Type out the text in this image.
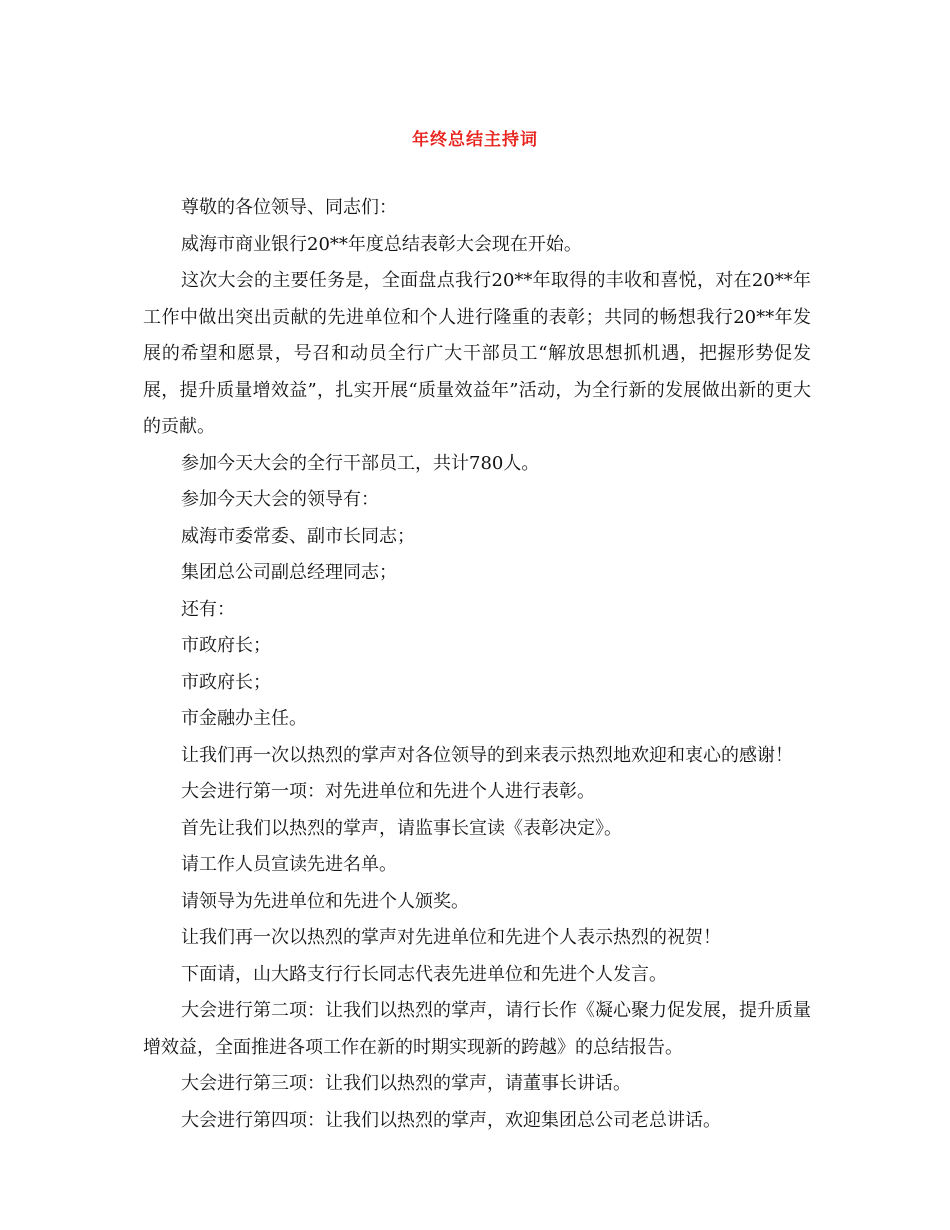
年终总结主持词

尊敬的各位领导、同志们：

威海市商业银行20**年度总结表彰大会现在开始。

这次大会的主要任务是，全面盘点我行20**年取得的丰收和喜悦，对在20**年工作中做出突出贡献的先进单位和个人进行隆重的表彰；共同的畅想我行20**年发展的希望和愿景，号召和动员全行广大干部员工“解放思想抓机遇，把握形势促发展，提升质量增效益”，扎实开展“质量效益年”活动，为全行新的发展做出新的更大的贡献。

参加今天大会的全行干部员工，共计780人。

参加今天大会的领导有：

威海市委常委、副市长同志；

集团总公司副总经理同志；

还有：

市政府长；

市政府长；

市金融办主任。

让我们再一次以热烈的掌声对各位领导的到来表示热烈地欢迎和衷心的感谢！

大会进行第一项：对先进单位和先进个人进行表彰。

首先让我们以热烈的掌声，请监事长宣读《表彰决定》。

请工作人员宣读先进名单。

请领导为先进单位和先进个人颁奖。

让我们再一次以热烈的掌声对先进单位和先进个人表示热烈的祝贺！

下面请，山大路支行行长同志代表先进单位和先进个人发言。

大会进行第二项：让我们以热烈的掌声，请行长作《凝心聚力促发展，提升质量增效益，全面推进各项工作在新的时期实现新的跨越》的总结报告。

大会进行第三项：让我们以热烈的掌声，请董事长讲话。

大会进行第四项：让我们以热烈的掌声，欢迎集团总公司老总讲话。
